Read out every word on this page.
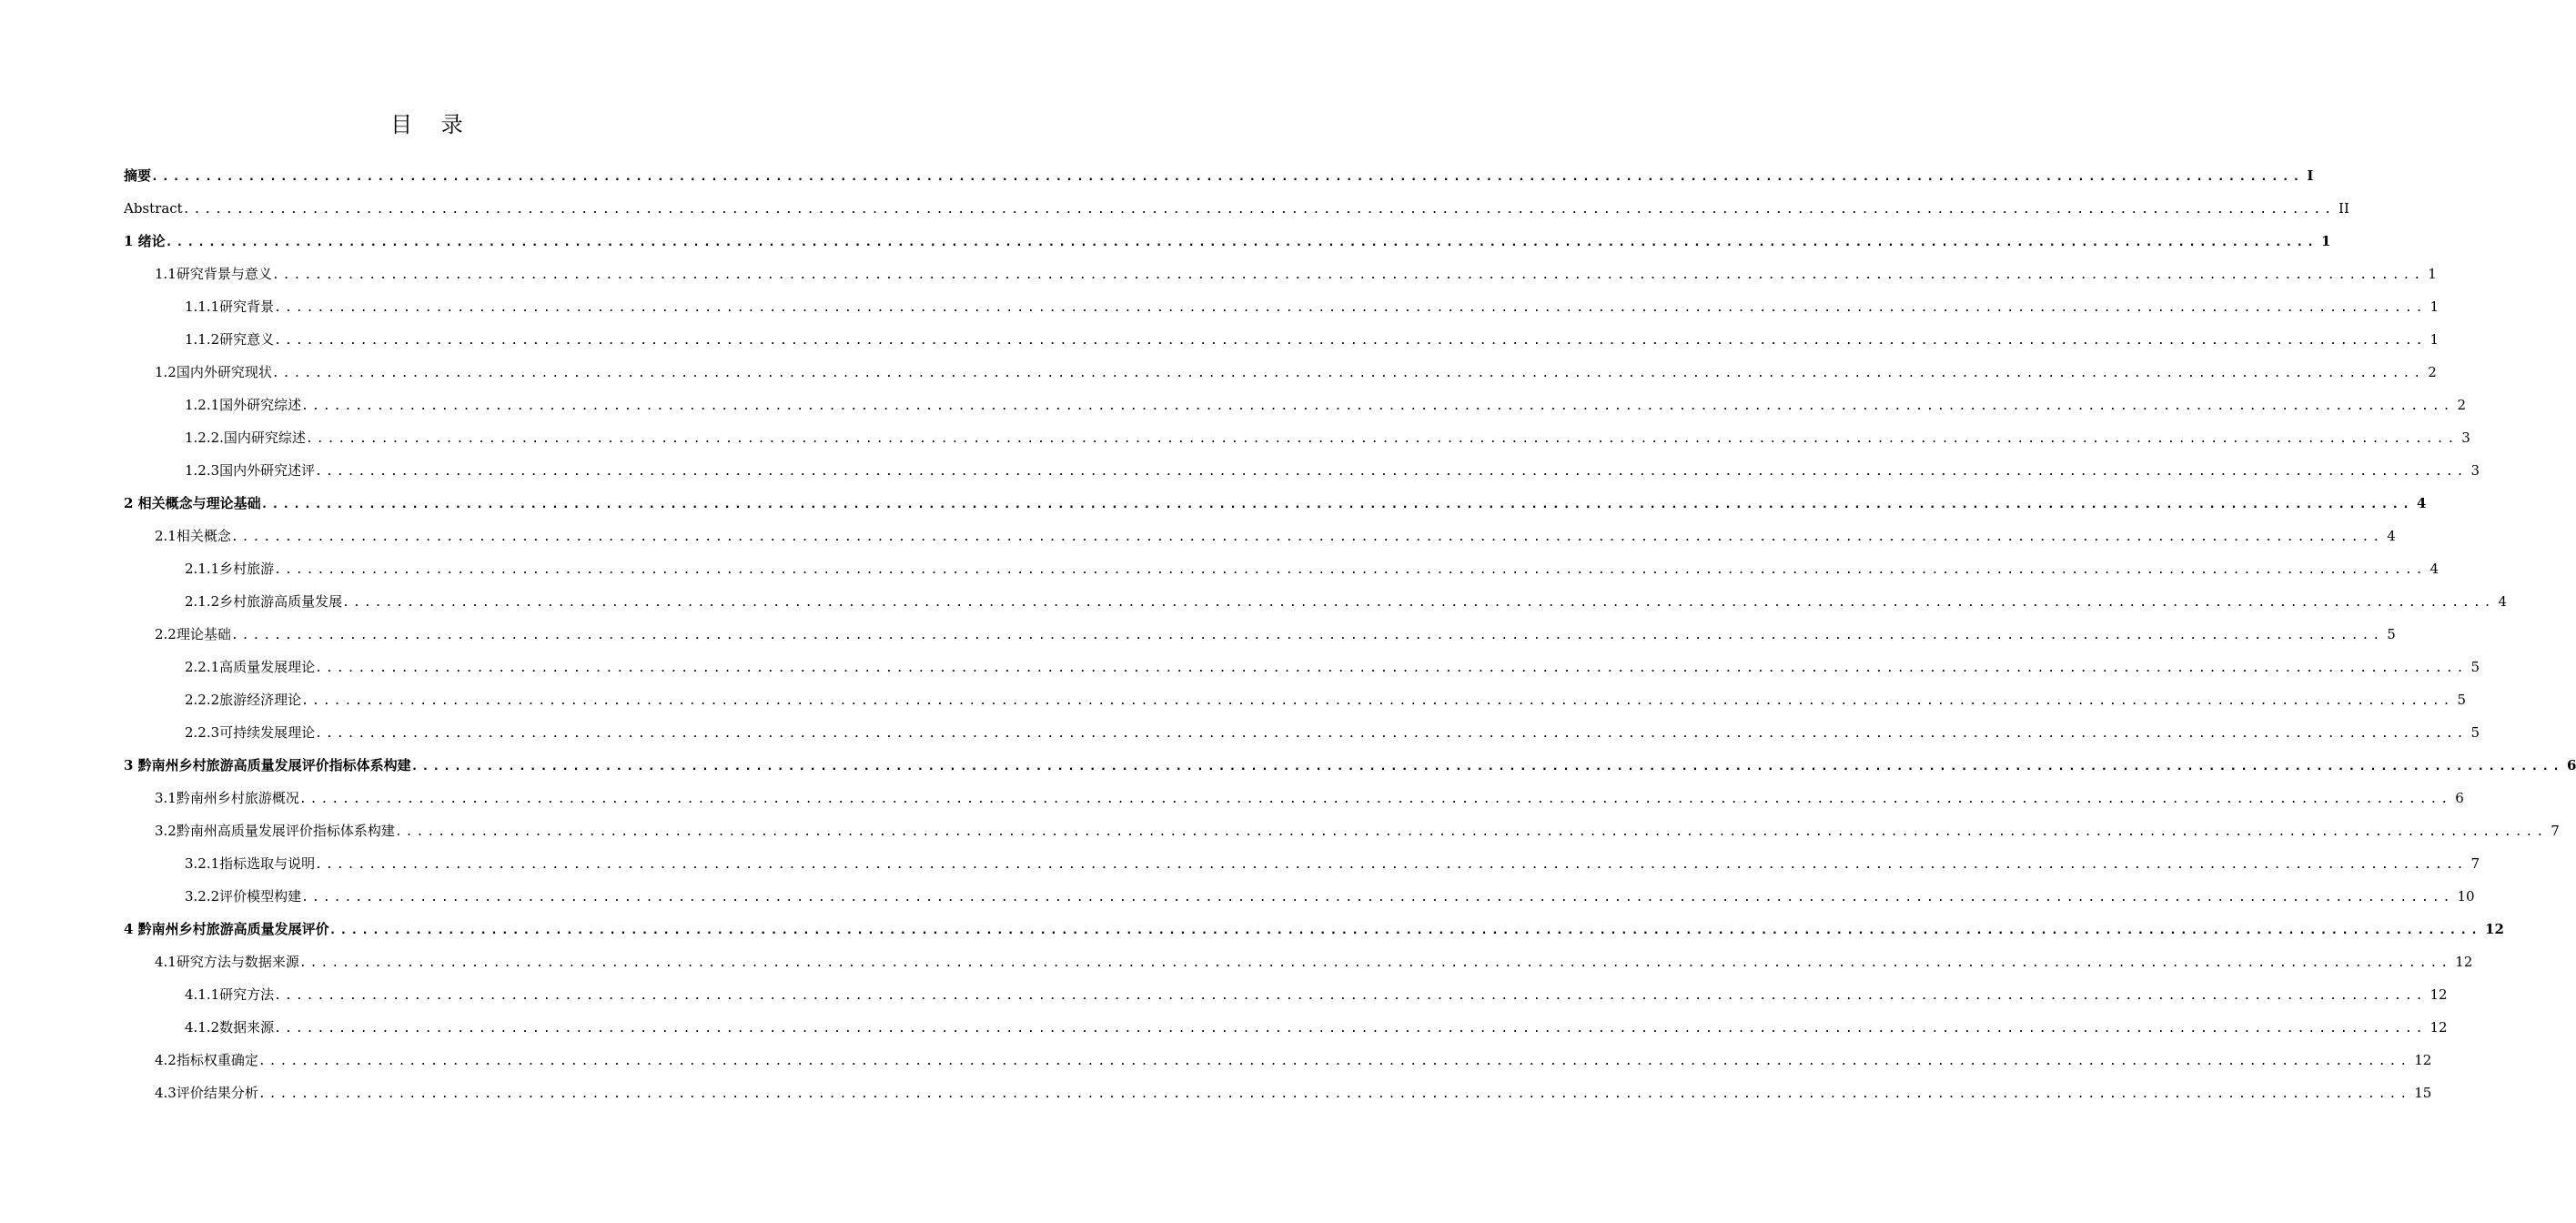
目 录
摘要 ........................................................................................................................................................................................................ I
Abstract ........................................................................................................................................................................................................ II
1 绪论 ........................................................................................................................................................................................................ 1
1.1研究背景与意义 ........................................................................................................................................................................................................ 1
1.1.1研究背景 ........................................................................................................................................................................................................ 1
1.1.2研究意义 ........................................................................................................................................................................................................ 1
1.2国内外研究现状 ........................................................................................................................................................................................................ 2
1.2.1国外研究综述 ........................................................................................................................................................................................................ 2
1.2.2.国内研究综述 ........................................................................................................................................................................................................ 3
1.2.3国内外研究述评 ........................................................................................................................................................................................................ 3
2 相关概念与理论基础 ........................................................................................................................................................................................................ 4
2.1相关概念 ........................................................................................................................................................................................................ 4
2.1.1乡村旅游 ........................................................................................................................................................................................................ 4
2.1.2乡村旅游高质量发展 ........................................................................................................................................................................................................ 4
2.2理论基础 ........................................................................................................................................................................................................ 5
2.2.1高质量发展理论 ........................................................................................................................................................................................................ 5
2.2.2旅游经济理论 ........................................................................................................................................................................................................ 5
2.2.3可持续发展理论 ........................................................................................................................................................................................................ 5
3 黔南州乡村旅游高质量发展评价指标体系构建 ........................................................................................................................................................................................................ 6
3.1黔南州乡村旅游概况 ........................................................................................................................................................................................................ 6
3.2黔南州高质量发展评价指标体系构建 ........................................................................................................................................................................................................ 7
3.2.1指标选取与说明 ........................................................................................................................................................................................................ 7
3.2.2评价模型构建 ........................................................................................................................................................................................................ 10
4 黔南州乡村旅游高质量发展评价 ........................................................................................................................................................................................................ 12
4.1研究方法与数据来源 ........................................................................................................................................................................................................ 12
4.1.1研究方法 ........................................................................................................................................................................................................ 12
4.1.2数据来源 ........................................................................................................................................................................................................ 12
4.2指标权重确定 ........................................................................................................................................................................................................ 12
4.3评价结果分析 ........................................................................................................................................................................................................ 15
